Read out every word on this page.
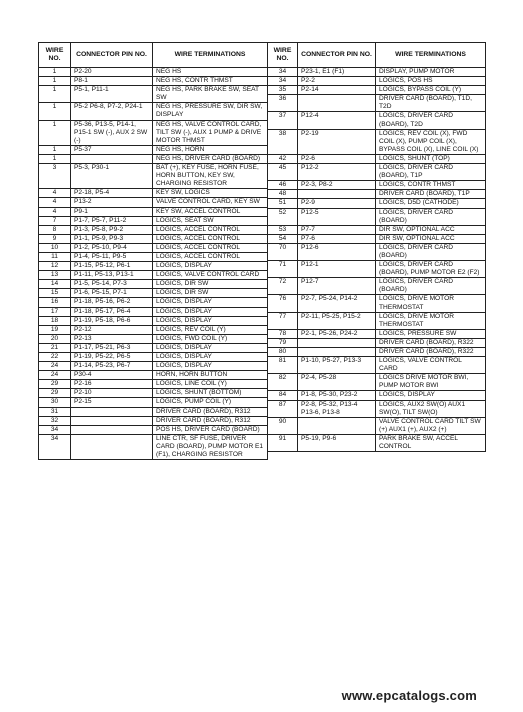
WIRE NO.	CONNECTOR PIN NO.	WIRE TERMINATIONS
1	P2-20	NEG HS
1	P8-1	NEG HS, CONTR THMST
1	P5-1, P11-1	NEG HS, PARK BRAKE SW, SEAT SW
1	P5-2 P6-8, P7-2, P24-1	NEG HS, PRESSURE SW, DIR SW, DISPLAY
1	P5-36, P13-5, P14-1, P15-1 SW (-), AUX 2 SW (-)	NEG HS, VALVE CONTROL CARD, TILT SW (-), AUX 1 PUMP & DRIVE MOTOR THMST
1	P5-37	NEG HS, HORN
1		NEG HS, DRIVER CARD (BOARD)
3	P5-3, P30-1	BAT (+), KEY FUSE, HORN FUSE, HORN BUTTON, KEY SW, CHARGING RESISTOR
4	P2-18, P5-4	KEY SW, LOGICS
4	P13-2	VALVE CONTROL CARD, KEY SW
4	P9-1	KEY SW, ACCEL CONTROL
7	P1-7, P5-7, P11-2	LOGICS, SEAT SW
8	P1-3, P5-8, P9-2	LOGICS, ACCEL CONTROL
9	P1-1, P5-9, P9-3	LOGICS, ACCEL CONTROL
10	P1-2, P5-10, P9-4	LOGICS, ACCEL CONTROL
11	P1-4, P5-11, P9-5	LOGICS, ACCEL CONTROL
12	P1-15, P5-12, P6-1	LOGICS, DISPLAY
13	P1-11, P5-13, P13-1	LOGICS, VALVE CONTROL CARD
14	P1-5, P5-14, P7-3	LOGICS, DIR SW
15	P1-6, P5-15, P7-1	LOGICS, DIR SW
16	P1-18, P5-16, P6-2	LOGICS, DISPLAY
17	P1-18, P5-17, P6-4	LOGICS, DISPLAY
18	P1-19, P5-18, P6-6	LOGICS, DISPLAY
19	P2-12	LOGICS, REV COIL (Y)
20	P2-13	LOGICS, FWD COIL (Y)
21	P1-17, P5-21, P6-3	LOGICS, DISPLAY
22	P1-19, P5-22, P6-5	LOGICS, DISPLAY
24	P1-14, P5-23, P6-7	LOGICS, DISPLAY
24	P30-4	HORN, HORN BUTTON
29	P2-16	LOGICS, LINE COIL (Y)
29	P2-10	LOGICS, SHUNT (BOTTOM)
30	P2-15	LOGICS, PUMP COIL (Y)
31		DRIVER CARD (BOARD), R312
32		DRIVER CARD (BOARD), R312
34		POS HS, DRIVER CARD (BOARD)
34		LINE CTR, SF FUSE, DRIVER CARD (BOARD), PUMP MOTOR E1 (F1), CHARGING RESISTOR
WIRE NO.	CONNECTOR PIN NO.	WIRE TERMINATIONS
34	P23-1, E1 (F1)	DISPLAY, PUMP MOTOR
34	P2-2	LOGICS, POS HS
35	P2-14	LOGICS, BYPASS COIL (Y)
36		DRIVER CARD (BOARD), T1D, T2D
37	P12-4	LOGICS, DRIVER CARD (BOARD), T2D
38	P2-19	LOGICS, REV COIL (X), FWD COIL (X), PUMP COIL (X), BYPASS COIL (X), LINE COIL (X)
42	P2-6	LOGICS, SHUNT (TOP)
45	P12-2	LOGICS, DRIVER CARD (BOARD), T1P
46	P2-3, P8-2	LOGICS, CONTR THMST
48		DRIVER CARD (BOARD), T1P
51	P2-9	LOGICS, D5D (CATHODE)
52	P12-5	LOGICS, DRIVER CARD (BOARD)
53	P7-7	DIR SW, OPTIONAL ACC
54	P7-6	DIR SW, OPTIONAL ACC
70	P12-6	LOGICS, DRIVER CARD (BOARD)
71	P12-1	LOGICS, DRIVER CARD (BOARD), PUMP MOTOR E2 (F2)
72	P12-7	LOGICS, DRIVER CARD (BOARD)
76	P2-7, P5-24, P14-2	LOGICS, DRIVE MOTOR THERMOSTAT
77	P2-11, P5-25, P15-2	LOGICS, DRIVE MOTOR THERMOSTAT
78	P2-1, P5-26, P24-2	LOGICS, PRESSURE SW
79		DRIVER CARD (BOARD), R322
80		DRIVER CARD (BOARD), R322
81	P1-10, P5-27, P13-3	LOGICS, VALVE CONTROL CARD
82	P2-4, P5-28	LOGICS DRIVE MOTOR BWI, PUMP MOTOR BWI
84	P1-8, P5-30, P23-2	LOGICS, DISPLAY
87	P2-8, P5-32, P13-4 P13-6, P13-8	LOGICS, AUX2 SW(O) AUX1 SW(O), TILT SW(O)
90		VALVE CONTROL CARD TILT SW (+) AUX1 (+), AUX2 (+)
91	P5-19, P9-6	PARK BRAKE SW, ACCEL CONTROL
www.epcatalogs.com
